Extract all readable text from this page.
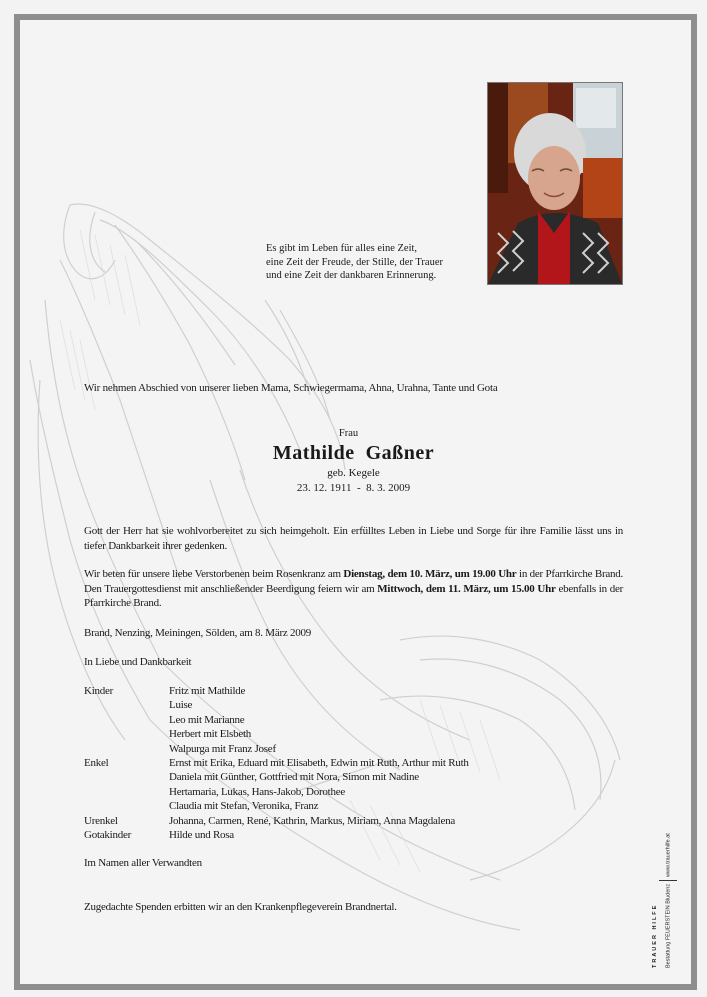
Es gibt im Leben für alles eine Zeit,
eine Zeit der Freude, der Stille, der Trauer
und eine Zeit der dankbaren Erinnerung.
Wir nehmen Abschied von unserer lieben Mama, Schwiegermama, Ahna, Urahna, Tante und Gota
Frau
Mathilde  Gaßner
geb. Kegele
23. 12. 1911  -  8. 3. 2009
Gott der Herr hat sie wohlvorbereitet zu sich heimgeholt. Ein erfülltes Leben in Liebe und Sorge für ihre Familie lässt uns in tiefer Dankbarkeit ihrer gedenken.
Wir beten für unsere liebe Verstorbenen beim Rosenkranz am Dienstag, dem 10. März, um 19.00 Uhr in der Pfarrkirche Brand. Den Trauergottesdienst mit anschließender Beerdigung feiern wir am Mittwoch, dem 11. März, um 15.00 Uhr ebenfalls in der Pfarrkirche Brand.
Brand, Nenzing, Meiningen, Sölden, am 8. März 2009
In Liebe und Dankbarkeit
Kinder	Fritz mit Mathilde
Luise
Leo mit Marianne
Herbert mit Elsbeth
Walpurga mit Franz Josef
Enkel	Ernst mit Erika, Eduard mit Elisabeth, Edwin mit Ruth, Arthur mit Ruth
Daniela mit Günther, Gottfried mit Nora, Simon mit Nadine
Hertamaria, Lukas, Hans-Jakob, Dorothee
Claudia mit Stefan, Veronika, Franz
Urenkel	Johanna, Carmen, René, Kathrin, Markus, Miriam, Anna Magdalena
Gotakinder	Hilde und Rosa
Im Namen aller Verwandten
Zugedachte Spenden erbitten wir an den Krankenpflegeverein Brandnertal.	TRAUER HILFE	Bestattung FEUERSTEIN Bludenzwww.trauerhilfe.at
